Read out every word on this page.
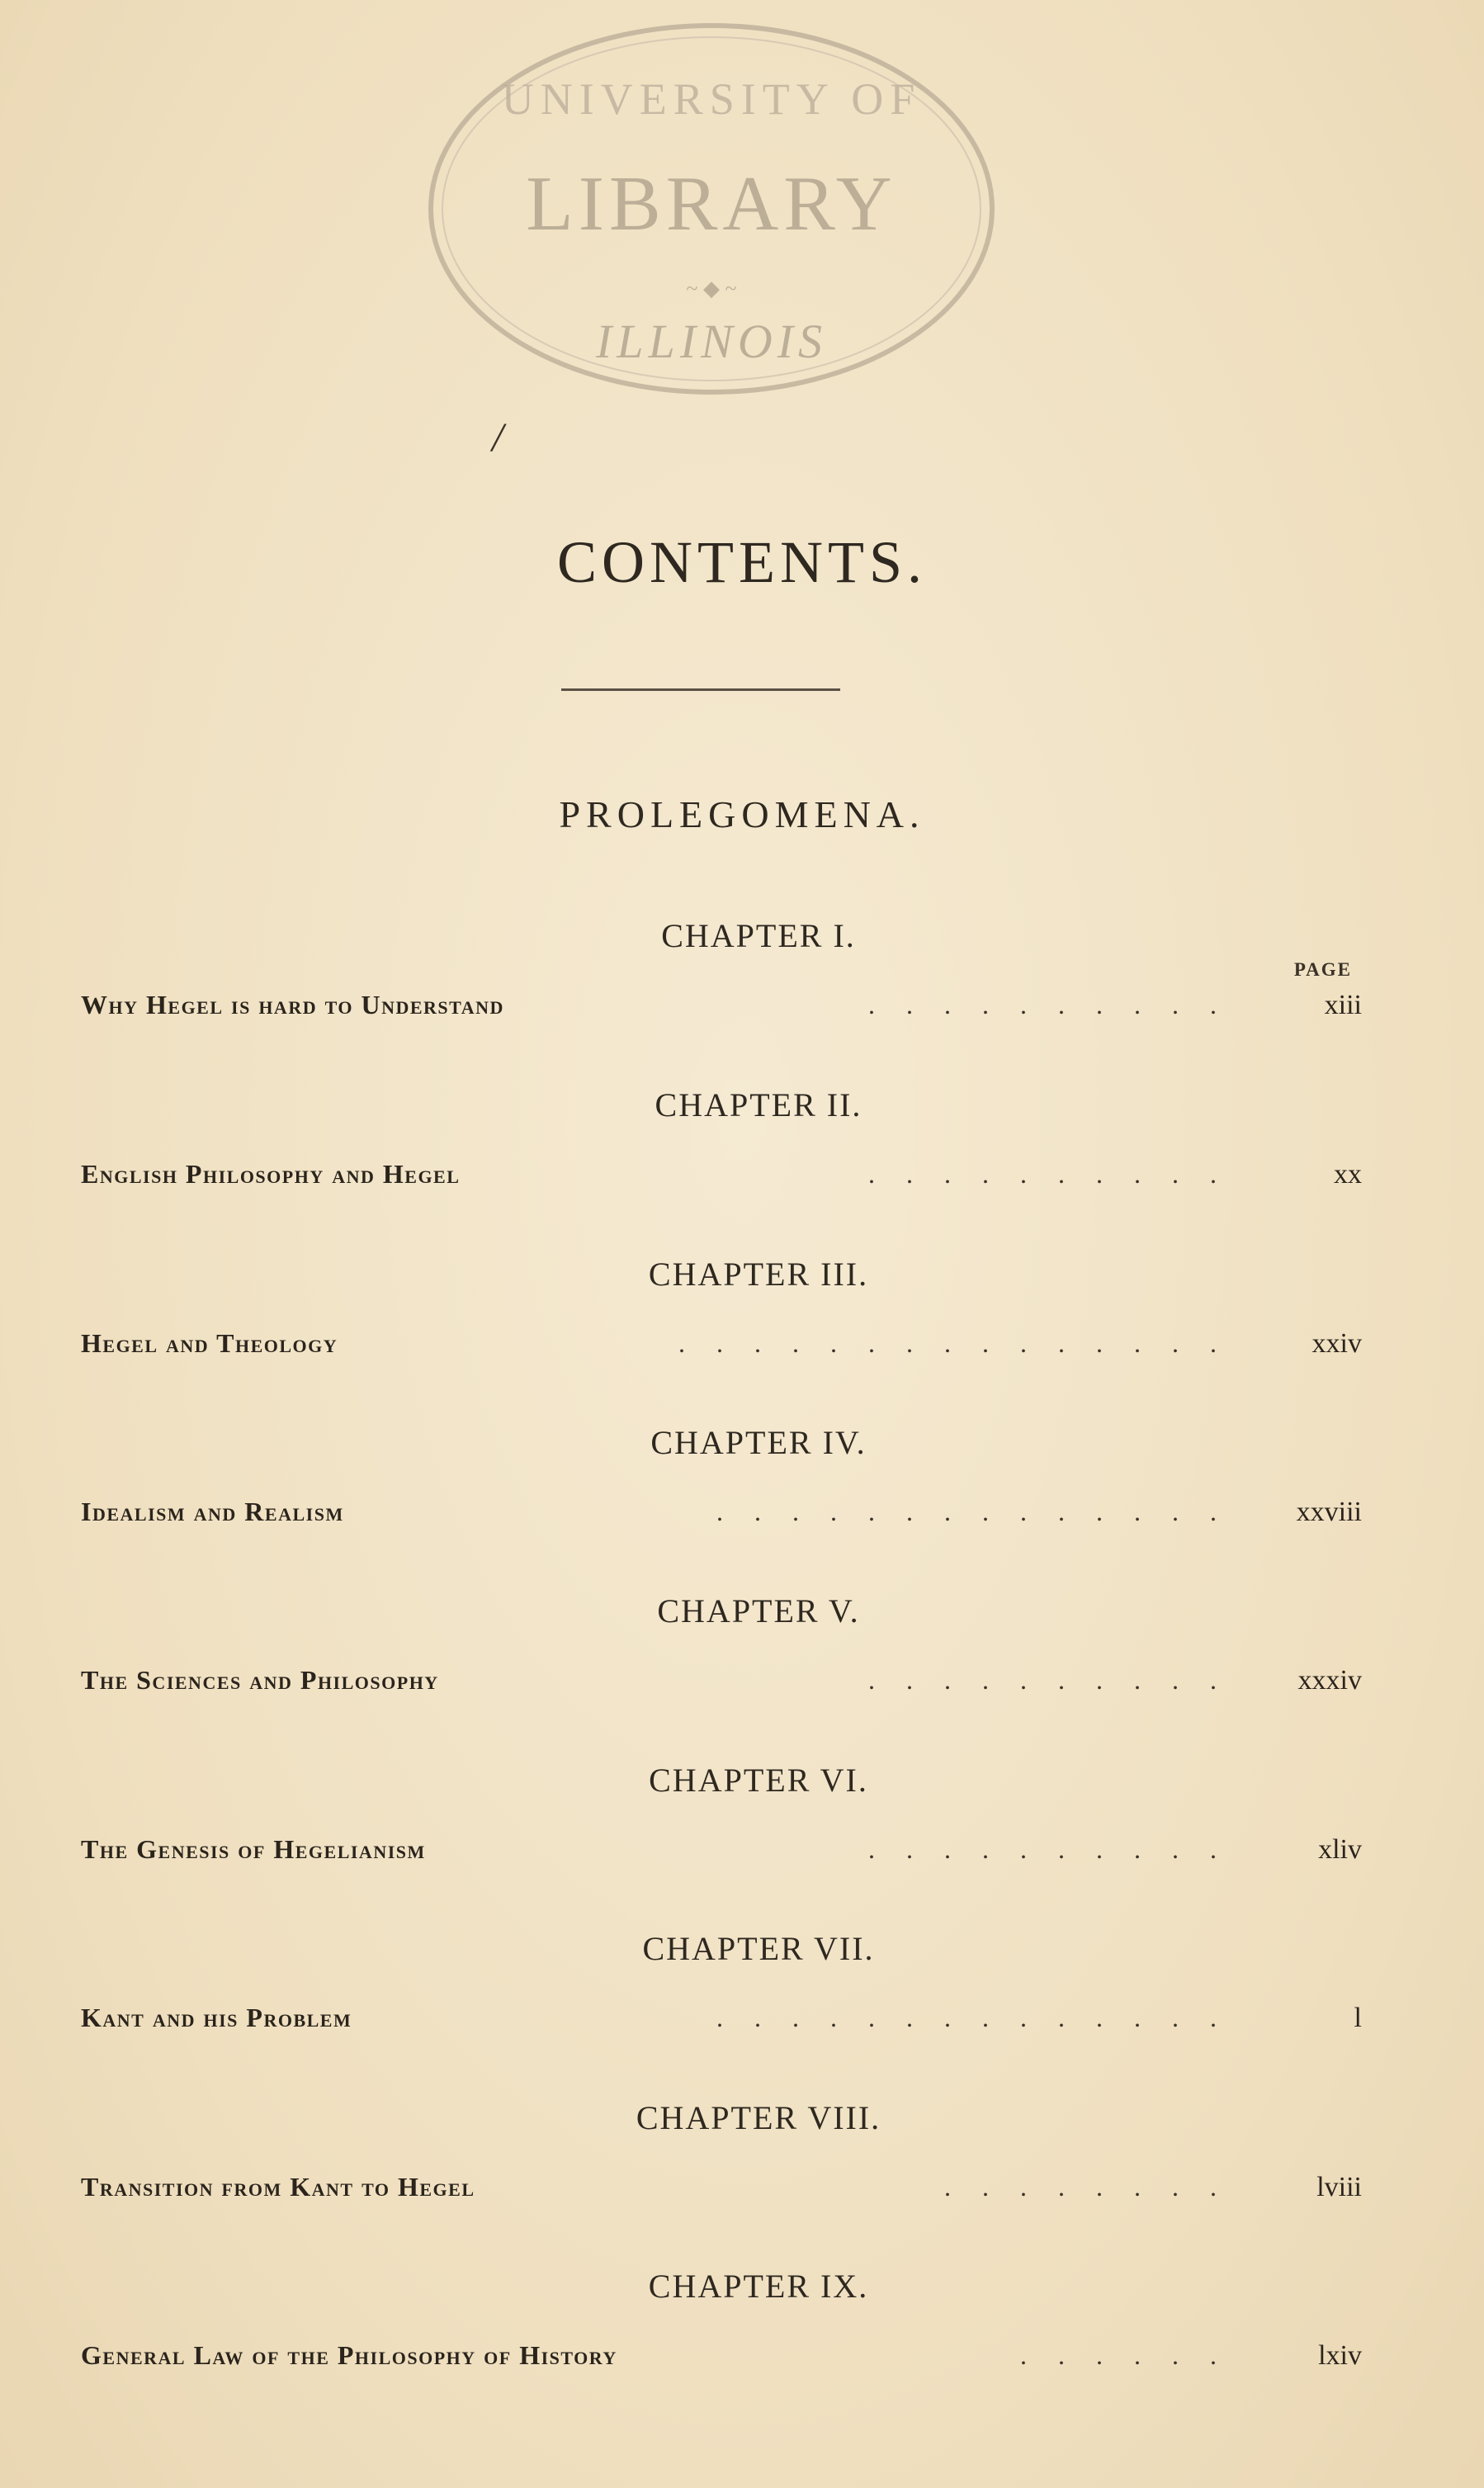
UNIVERSITY OF
LIBRARY
~ ◆ ~
ILLINOIS
/
CONTENTS.
PROLEGOMENA.
PAGE
CHAPTER I.
Why Hegel is hard to Understand	..........	xiii
CHAPTER II.
English Philosophy and Hegel	..........	xx
CHAPTER III.
Hegel and Theology	...............	xxiv
CHAPTER IV.
Idealism and Realism	..............	xxviii
CHAPTER V.
The Sciences and Philosophy	..........	xxxiv
CHAPTER VI.
The Genesis of Hegelianism	..........	xliv
CHAPTER VII.
Kant and his Problem	..............	l
CHAPTER VIII.
Transition from Kant to Hegel	........	lviii
CHAPTER IX.
General Law of the Philosophy of History	......	lxiv
